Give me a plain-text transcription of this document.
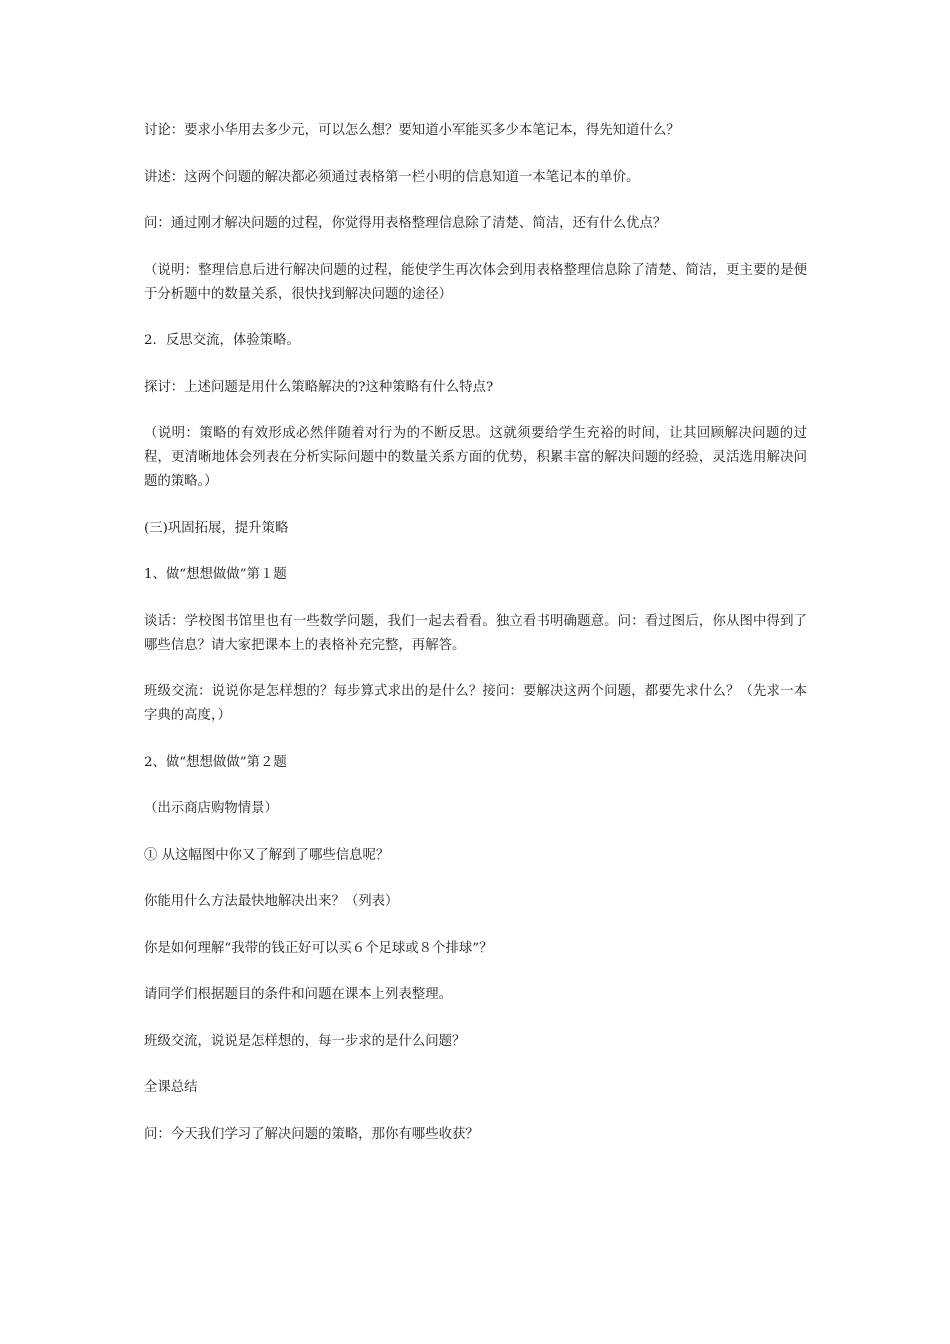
讨论：要求小华用去多少元，可以怎么想？要知道小军能买多少本笔记本，得先知道什么？

讲述：这两个问题的解决都必须通过表格第一栏小明的信息知道一本笔记本的单价。

问：通过刚才解决问题的过程，你觉得用表格整理信息除了清楚、简洁，还有什么优点？

（说明：整理信息后进行解决问题的过程，能使学生再次体会到用表格整理信息除了清楚、简洁，更主要的是便于分析题中的数量关系，很快找到解决问题的途径）

2．反思交流，体验策略。

探讨：上述问题是用什么策略解决的?这种策略有什么特点?

（说明：策略的有效形成必然伴随着对行为的不断反思。这就须要给学生充裕的时间，让其回顾解决问题的过程，更清晰地体会列表在分析实际问题中的数量关系方面的优势，积累丰富的解决问题的经验，灵活选用解决问题的策略。）

(三)巩固拓展，提升策略

1、做“想想做做”第１题

谈话：学校图书馆里也有一些数学问题，我们一起去看看。独立看书明确题意。问：看过图后，你从图中得到了哪些信息？请大家把课本上的表格补充完整，再解答。

班级交流：说说你是怎样想的？每步算式求出的是什么？接问：要解决这两个问题，都要先求什么？（先求一本字典的高度，）

2、做“想想做做”第２题

（出示商店购物情景）

① 从这幅图中你又了解到了哪些信息呢？

你能用什么方法最快地解决出来？（列表）

你是如何理解“我带的钱正好可以买６个足球或８个排球”？

请同学们根据题目的条件和问题在课本上列表整理。

班级交流，说说是怎样想的，每一步求的是什么问题？

全课总结

问：今天我们学习了解决问题的策略，那你有哪些收获？
